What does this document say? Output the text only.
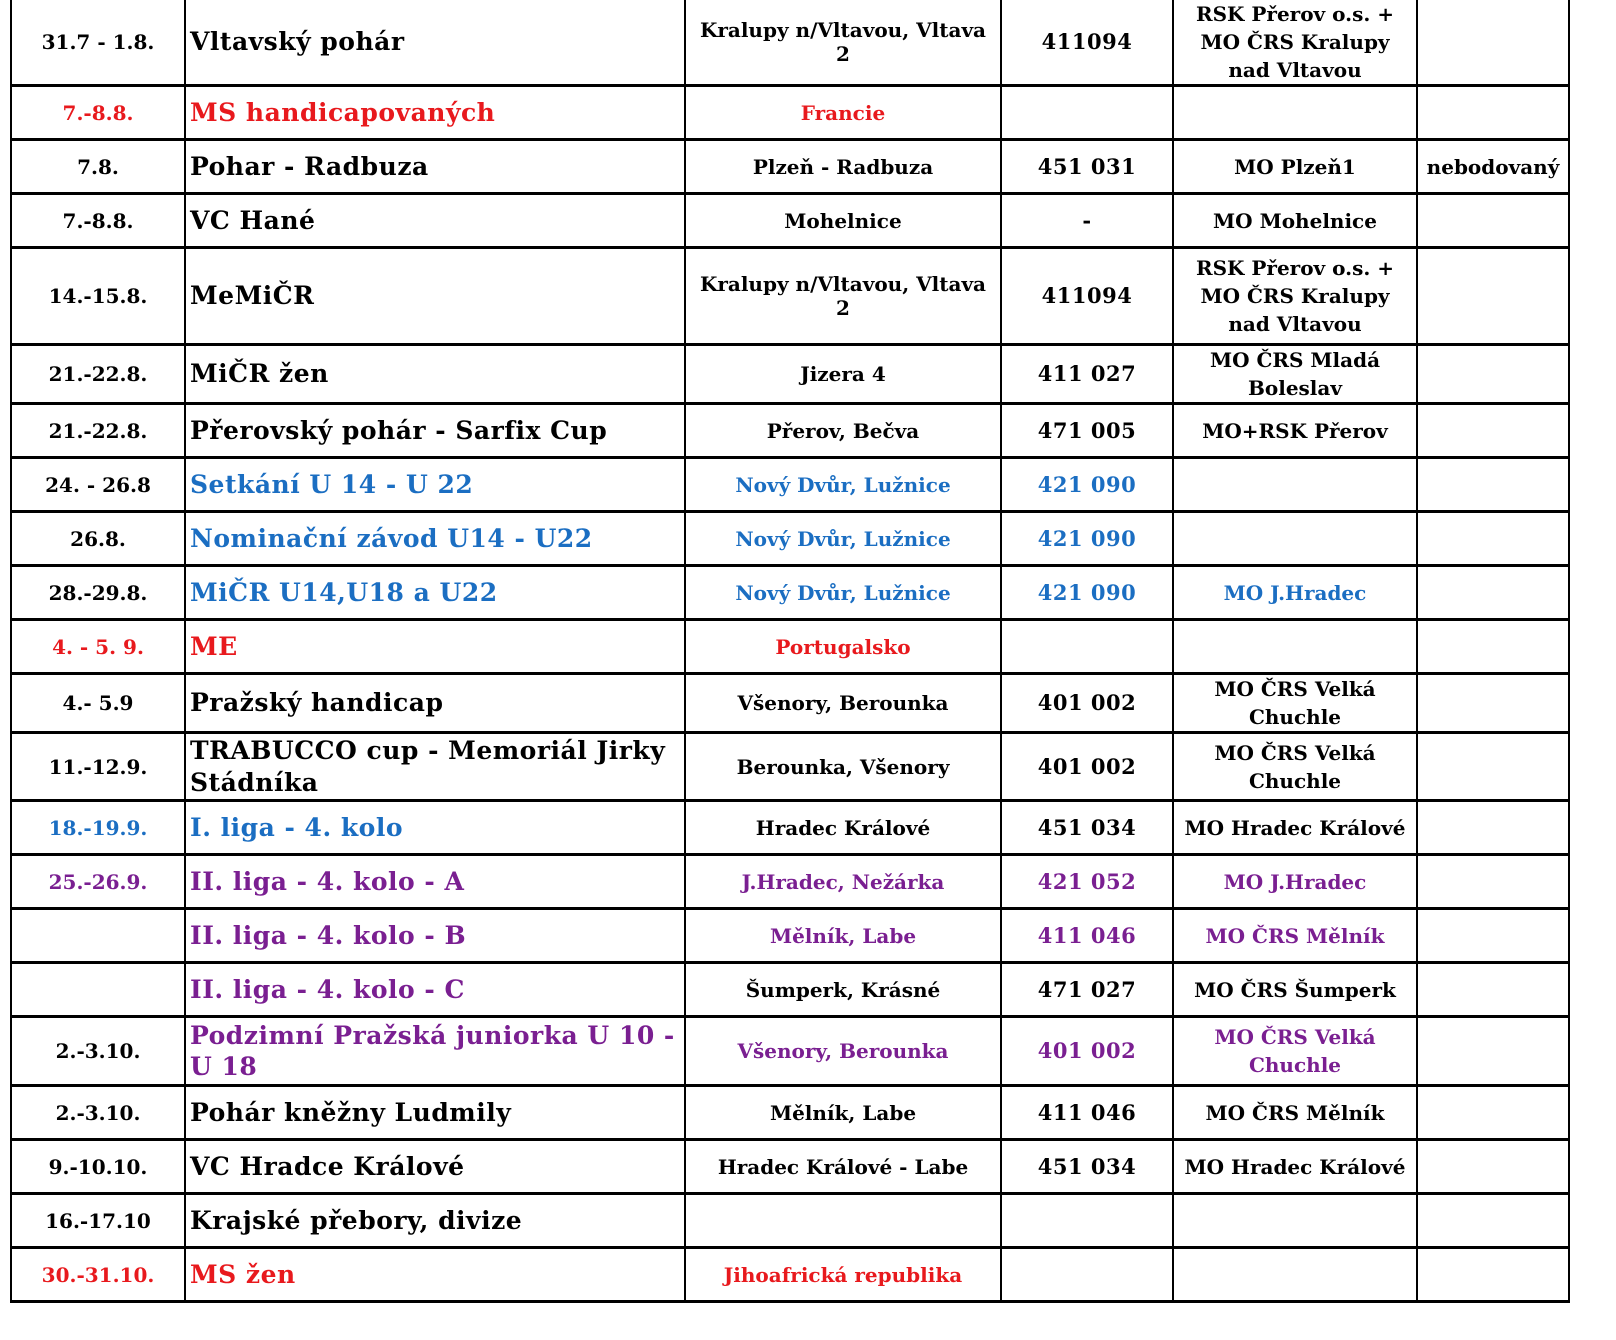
31.7 - 1.8.	Vltavský pohár	Kralupy n/Vltavou, Vltava 2	411094	RSK Přerov o.s. + MO ČRS Kralupy nad Vltavou	
7.-8.8.	MS handicapovaných	Francie			
7.8.	Pohar - Radbuza	Plzeň - Radbuza	451 031	MO Plzeň1	nebodovaný
7.-8.8.	VC Hané	Mohelnice	-	MO Mohelnice	
14.-15.8.	MeMiČR	Kralupy n/Vltavou, Vltava 2	411094	RSK Přerov o.s. + MO ČRS Kralupy nad Vltavou	
21.-22.8.	MiČR žen	Jizera 4	411 027	MO ČRS Mladá Boleslav	
21.-22.8.	Přerovský pohár - Sarfix Cup	Přerov, Bečva	471 005	MO+RSK Přerov	
24. - 26.8	Setkání U 14 - U 22	Nový Dvůr, Lužnice	421 090		
26.8.	Nominační závod U14 - U22	Nový Dvůr, Lužnice	421 090		
28.-29.8.	MiČR U14,U18 a U22	Nový Dvůr, Lužnice	421 090	MO J.Hradec	
4. - 5. 9.	ME	Portugalsko			
4.- 5.9	Pražský handicap	Všenory, Berounka	401 002	MO ČRS Velká Chuchle	
11.-12.9.	TRABUCCO cup - Memoriál Jirky Stádníka	Berounka, Všenory	401 002	MO ČRS Velká Chuchle	
18.-19.9.	I. liga - 4. kolo	Hradec Králové	451 034	MO Hradec Králové	
25.-26.9.	II. liga - 4. kolo - A	J.Hradec, Nežárka	421 052	MO J.Hradec	
	II. liga - 4. kolo - B	Mělník, Labe	411 046	MO ČRS Mělník	
	II. liga - 4. kolo - C	Šumperk, Krásné	471 027	MO ČRS Šumperk	
2.-3.10.	Podzimní Pražská juniorka U 10 - U 18	Všenory, Berounka	401 002	MO ČRS Velká Chuchle	
2.-3.10.	Pohár kněžny Ludmily	Mělník, Labe	411 046	MO ČRS Mělník	
9.-10.10.	VC Hradce Králové	Hradec Králové - Labe	451 034	MO Hradec Králové	
16.-17.10	Krajské přebory, divize				
30.-31.10.	MS žen	Jihoafrická republika			
